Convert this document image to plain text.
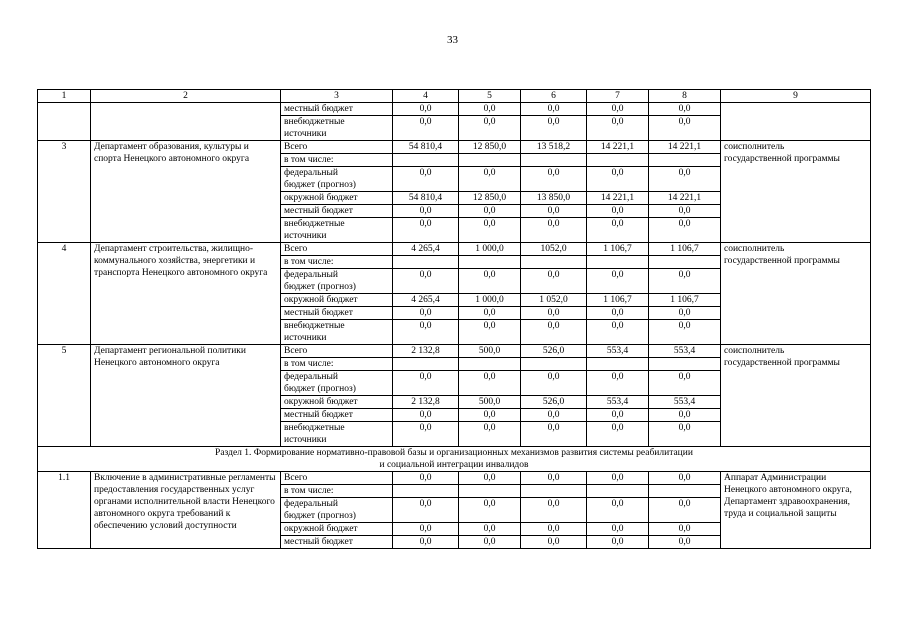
33
1	2	3	4	5	6	7	8	9
		местный бюджет	0,0	0,0	0,0	0,0	0,0	
		внебюджетные
источники	0,0	0,0	0,0	0,0	0,0	
3	Департамент образования, культуры и спорта Ненецкого автономного округа	Всего	54 810,4	12 850,0	13 518,2	14 221,1	14 221,1	соисполнитель
государственной программы
		в том числе:						
		федеральный
бюджет (прогноз)	0,0	0,0	0,0	0,0	0,0	
		окружной бюджет	54 810,4	12 850,0	13 850,0	14 221,1	14 221,1	
		местный бюджет	0,0	0,0	0,0	0,0	0,0	
		внебюджетные
источники	0,0	0,0	0,0	0,0	0,0	
4	Департамент строительства, жилищно-коммунального хозяйства, энергетики и транспорта Ненецкого автономного округа	Всего	4 265,4	1 000,0	1052,0	1 106,7	1 106,7	соисполнитель
государственной программы
		в том числе:						
		федеральный
бюджет (прогноз)	0,0	0,0	0,0	0,0	0,0	
		окружной бюджет	4 265,4	1 000,0	1 052,0	1 106,7	1 106,7	
		местный бюджет	0,0	0,0	0,0	0,0	0,0	
		внебюджетные
источники	0,0	0,0	0,0	0,0	0,0	
5	Департамент региональной политики Ненецкого автономного округа	Всего	2 132,8	500,0	526,0	553,4	553,4	соисполнитель
государственной программы
		в том числе:						
		федеральный
бюджет (прогноз)	0,0	0,0	0,0	0,0	0,0	
		окружной бюджет	2 132,8	500,0	526,0	553,4	553,4	
		местный бюджет	0,0	0,0	0,0	0,0	0,0	
		внебюджетные
источники	0,0	0,0	0,0	0,0	0,0	
Раздел 1. Формирование нормативно-правовой базы и организационных механизмов развития системы реабилитации
и социальной интеграции инвалидов								
1.1	Включение в административные регламенты предоставления государственных услуг органами исполнительной власти Ненецкого автономного округа требований к обеспечению условий доступности	Всего	0,0	0,0	0,0	0,0	0,0	Аппарат Администрации Ненецкого автономного округа,
Департамент здравоохранения, труда и социальной защиты
		в том числе:						
		федеральный
бюджет (прогноз)	0,0	0,0	0,0	0,0	0,0	
		окружной бюджет	0,0	0,0	0,0	0,0	0,0	
		местный бюджет	0,0	0,0	0,0	0,0	0,0	
